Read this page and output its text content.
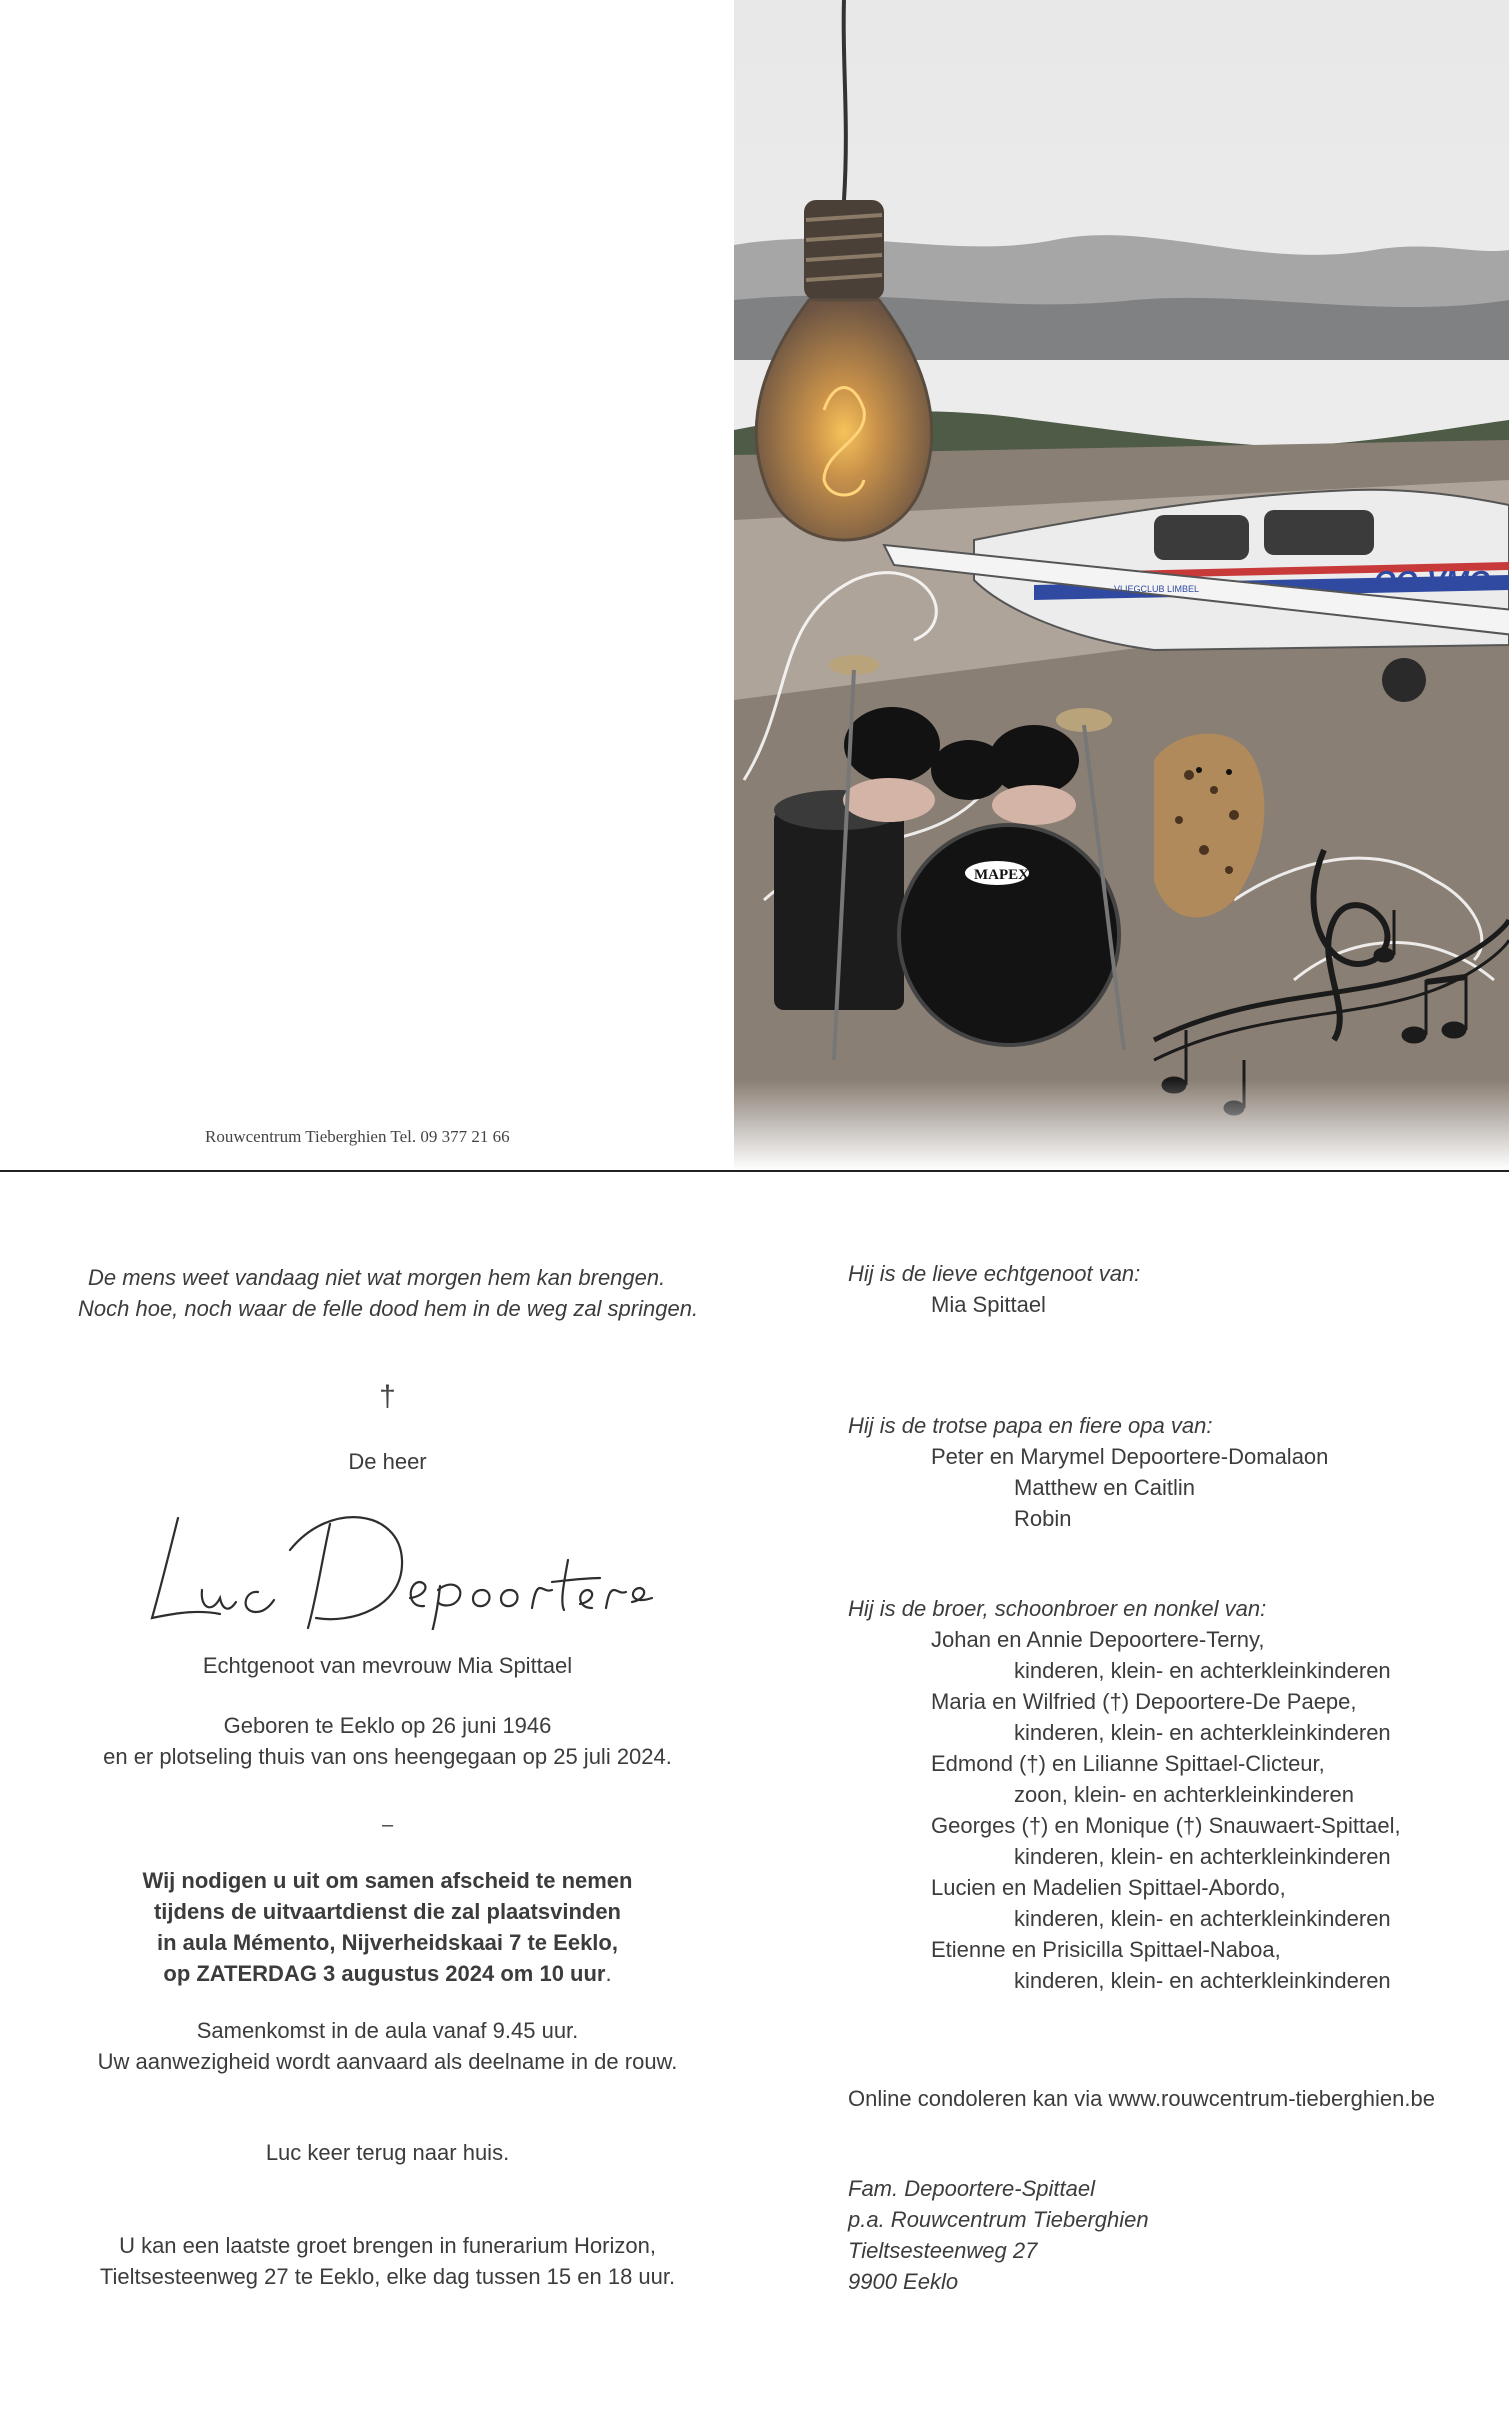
OO-VMC
VLIEGCLUB LIMBEL
MAPEX
Rouwcentrum Tieberghien Tel. 09 377 21 66
De mens weet vandaag niet wat morgen hem kan brengen.
Noch hoe, noch waar de felle dood hem in de weg zal springen.
†
De heer
Echtgenoot van mevrouw Mia Spittael
Geboren te Eeklo op 26 juni 1946
en er plotseling thuis van ons heengegaan op 25 juli 2024.
–
Wij nodigen u uit om samen afscheid te nemen
tijdens de uitvaartdienst die zal plaatsvinden
in aula Mémento, Nijverheidskaai 7 te Eeklo,
op ZATERDAG 3 augustus 2024 om 10 uur.
Samenkomst in de aula vanaf 9.45 uur.
Uw aanwezigheid wordt aanvaard als deelname in de rouw.
Luc keer terug naar huis.
U kan een laatste groet brengen in funerarium Horizon,
Tieltsesteenweg 27 te Eeklo, elke dag tussen 15 en 18 uur.
Hij is de lieve echtgenoot van:
Mia Spittael
Hij is de trotse papa en fiere opa van:
Peter en Marymel Depoortere-Domalaon
Matthew en Caitlin
Robin
Hij is de broer, schoonbroer en nonkel van:
Johan en Annie Depoortere-Terny,
kinderen, klein- en achterkleinkinderen
Maria en Wilfried (†) Depoortere-De Paepe,
kinderen, klein- en achterkleinkinderen
Edmond (†) en Lilianne Spittael-Clicteur,
zoon, klein- en achterkleinkinderen
Georges (†) en Monique (†) Snauwaert-Spittael,
kinderen, klein- en achterkleinkinderen
Lucien en Madelien Spittael-Abordo,
kinderen, klein- en achterkleinkinderen
Etienne en Prisicilla Spittael-Naboa,
kinderen, klein- en achterkleinkinderen
Online condoleren kan via www.rouwcentrum-tieberghien.be
Fam. Depoortere-Spittael
p.a. Rouwcentrum Tieberghien
Tieltsesteenweg 27
9900 Eeklo
